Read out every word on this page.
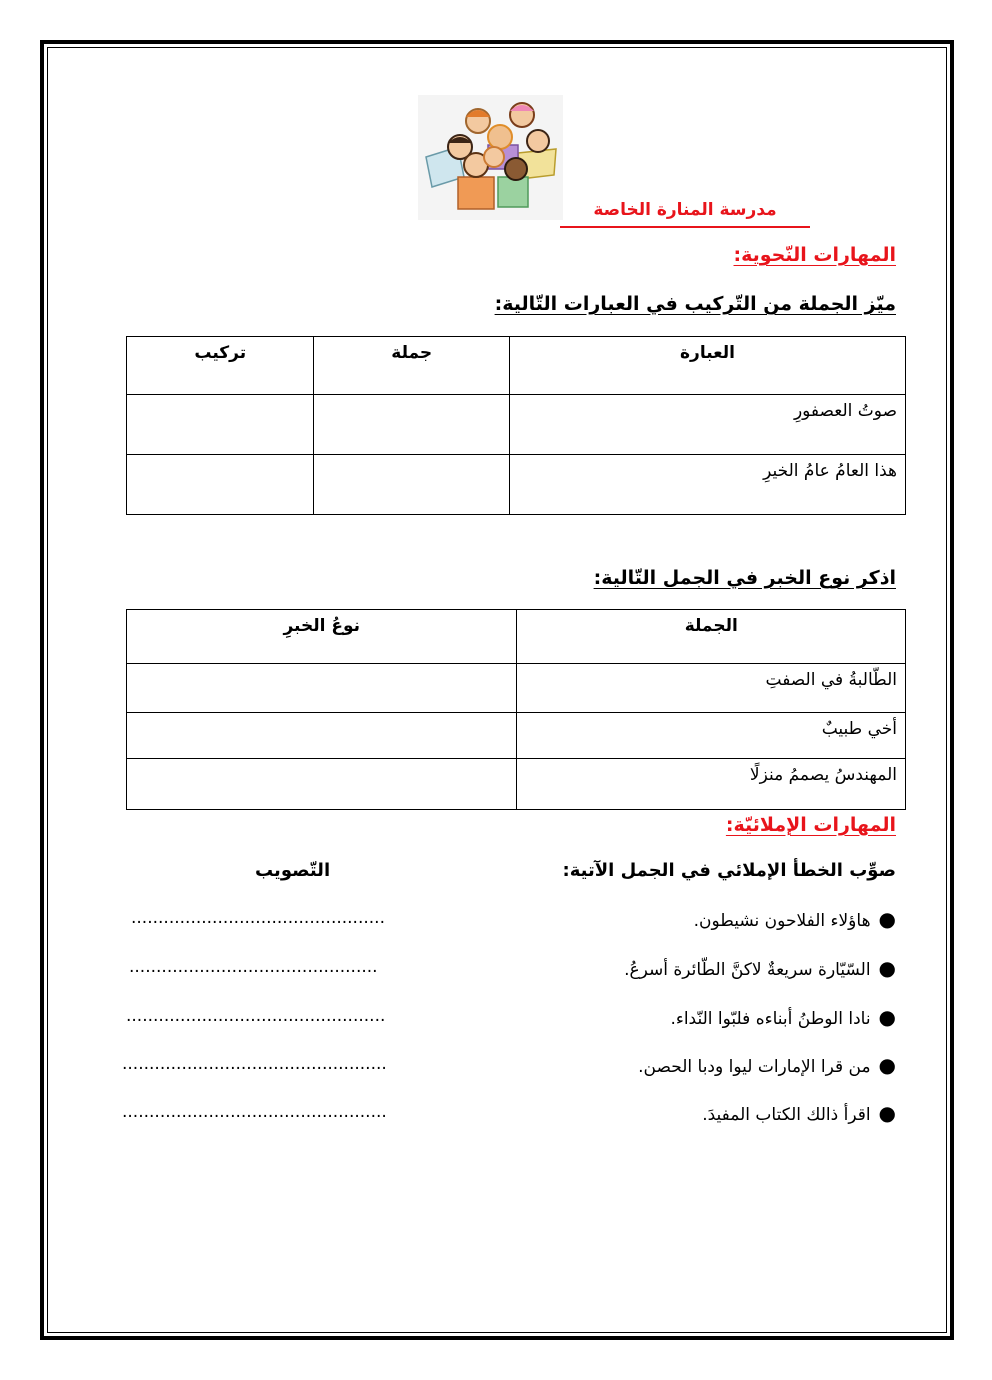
مدرسة المنارة الخاصة
المهارات النّحوية:
ميّز الجملة من التّركيب في العبارات التّالية:
العبارة	جملة	تركيب
صوتُ العصفورِ		
هذا العامُ عامُ الخيرِ		
اذكر نوع الخبر في الجمل التّالية:
الجملة	نوعُ الخبرِ
الطّالبةُ في الصفتِ	
أخي طبيبٌ	
المهندسُ يصممُ منزلًا	
المهارات الإملائيّة:
صوِّب الخطأ الإملائي في الجمل الآتية:
التّصويب
●هاؤلاء الفلاحون نشيطون.
...............................................
●السّيّارة سريعةٌ لاكنَّ الطّائرة أسرعُ.
..............................................
●نادا الوطنُ أبناءه فلبّوا النّداء.
................................................
●من قرا الإمارات ليوا ودبا الحصن.
.................................................
●اقرأ ذالك الكتاب المفيدَ.
.................................................
